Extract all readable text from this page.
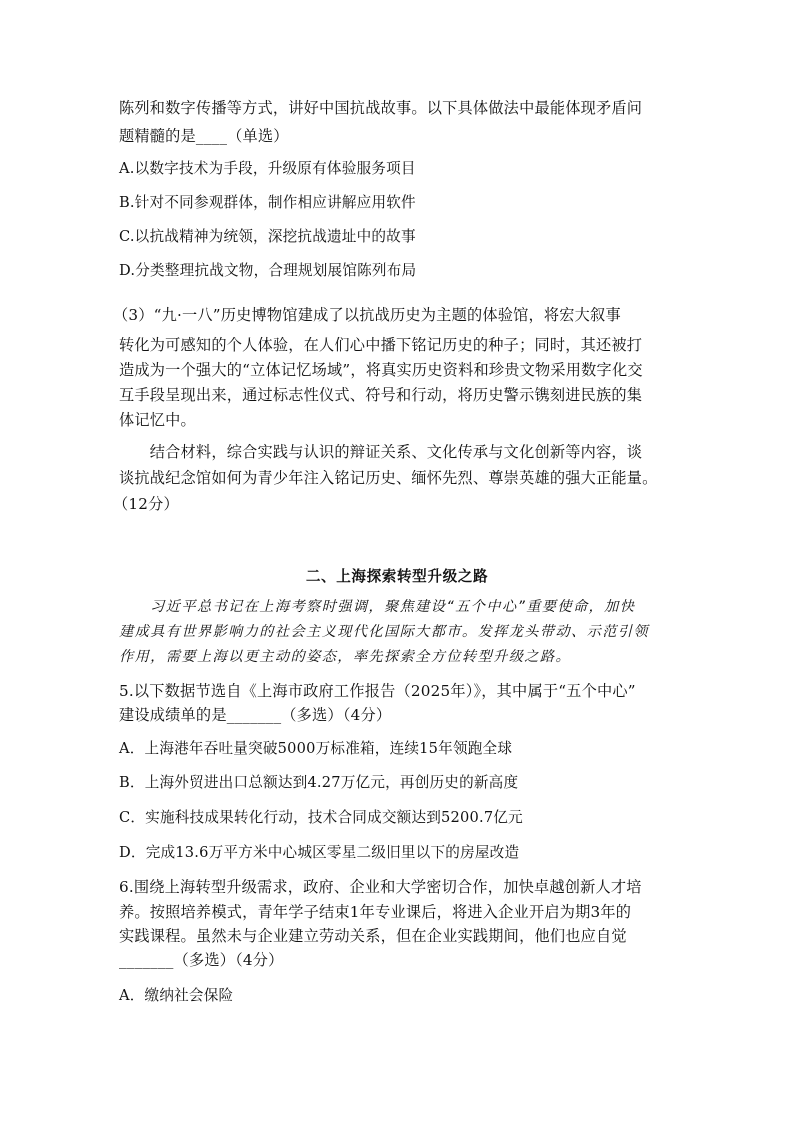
陈列和数字传播等方式，讲好中国抗战故事。以下具体做法中最能体现矛盾问
题精髓的是____（单选）
A.以数字技术为手段，升级原有体验服务项目
B.针对不同参观群体，制作相应讲解应用软件
C.以抗战精神为统领，深挖抗战遗址中的故事
D.分类整理抗战文物，合理规划展馆陈列布局
（3）“九·一八”历史博物馆建成了以抗战历史为主题的体验馆，将宏大叙事
转化为可感知的个人体验，在人们心中播下铭记历史的种子；同时，其还被打
造成为一个强大的“立体记忆场域”，将真实历史资料和珍贵文物采用数字化交
互手段呈现出来，通过标志性仪式、符号和行动，将历史警示镌刻进民族的集
体记忆中。
　　结合材料，综合实践与认识的辩证关系、文化传承与文化创新等内容，谈
谈抗战纪念馆如何为青少年注入铭记历史、缅怀先烈、尊崇英雄的强大正能量。
（12分）
二、上海探索转型升级之路
　　习近平总书记在上海考察时强调，聚焦建设“五个中心”重要使命，加快
建成具有世界影响力的社会主义现代化国际大都市。发挥龙头带动、示范引领
作用，需要上海以更主动的姿态，率先探索全方位转型升级之路。
5.以下数据节选自《上海市政府工作报告（2025年）》，其中属于“五个中心”
建设成绩单的是_______（多选）（4分）
A．上海港年吞吐量突破5000万标准箱，连续15年领跑全球
B．上海外贸进出口总额达到4.27万亿元，再创历史的新高度
C．实施科技成果转化行动，技术合同成交额达到5200.7亿元
D．完成13.6万平方米中心城区零星二级旧里以下的房屋改造
6.围绕上海转型升级需求，政府、企业和大学密切合作，加快卓越创新人才培
养。按照培养模式，青年学子结束1年专业课后，将进入企业开启为期3年的
实践课程。虽然未与企业建立劳动关系，但在企业实践期间，他们也应自觉
_______（多选）（4分）
A．缴纳社会保险
